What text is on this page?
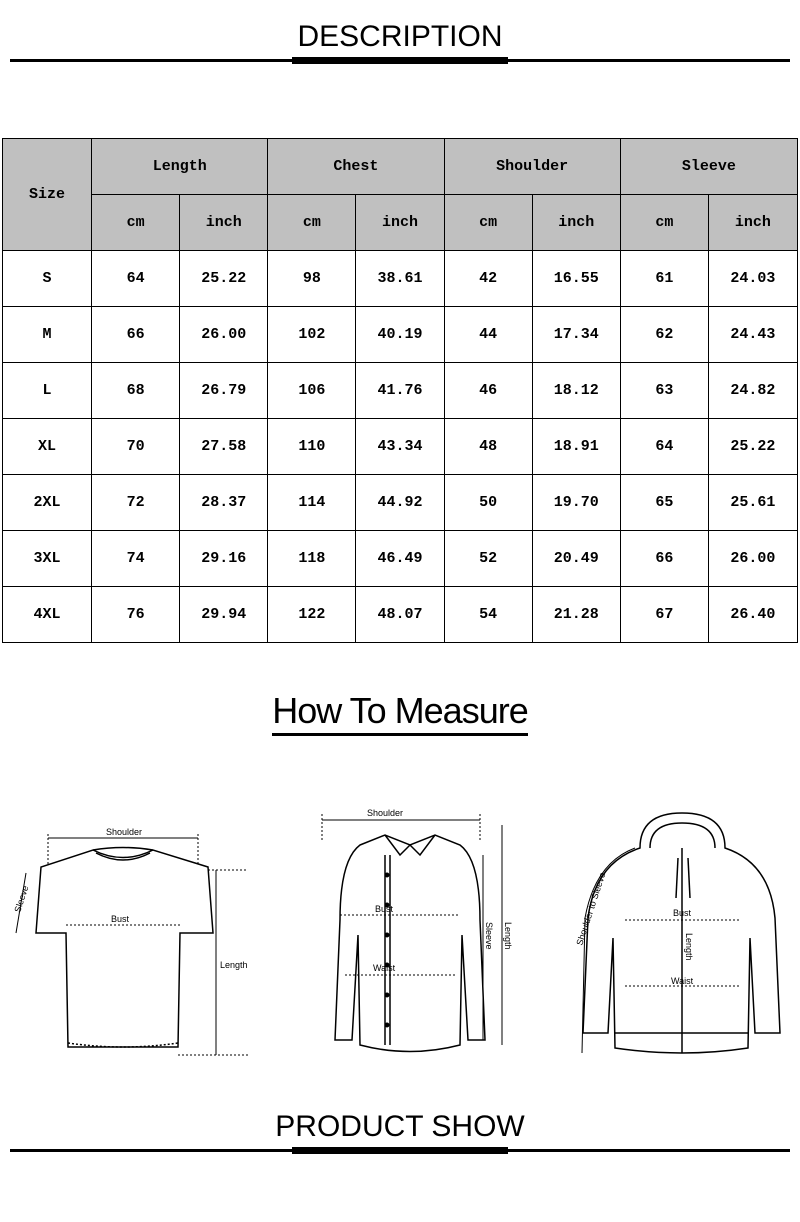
DESCRIPTION
Size	Length		Chest		Shoulder		Sleeve	
	cm	inch	cm	inch	cm	inch	cm	inch
S	64	25.22	98	38.61	42	16.55	61	24.03
M	66	26.00	102	40.19	44	17.34	62	24.43
L	68	26.79	106	41.76	46	18.12	63	24.82
XL	70	27.58	110	43.34	48	18.91	64	25.22
2XL	72	28.37	114	44.92	50	19.70	65	25.61
3XL	74	29.16	118	46.49	52	20.49	66	26.00
4XL	76	29.94	122	48.07	54	21.28	67	26.40
How To Measure
Shoulder
Sleeve
Bust
Length
Shoulder
Bust
Waist
Sleeve Length	Shoulder to Sleeve	Bust
Length
Waist
PRODUCT SHOW
